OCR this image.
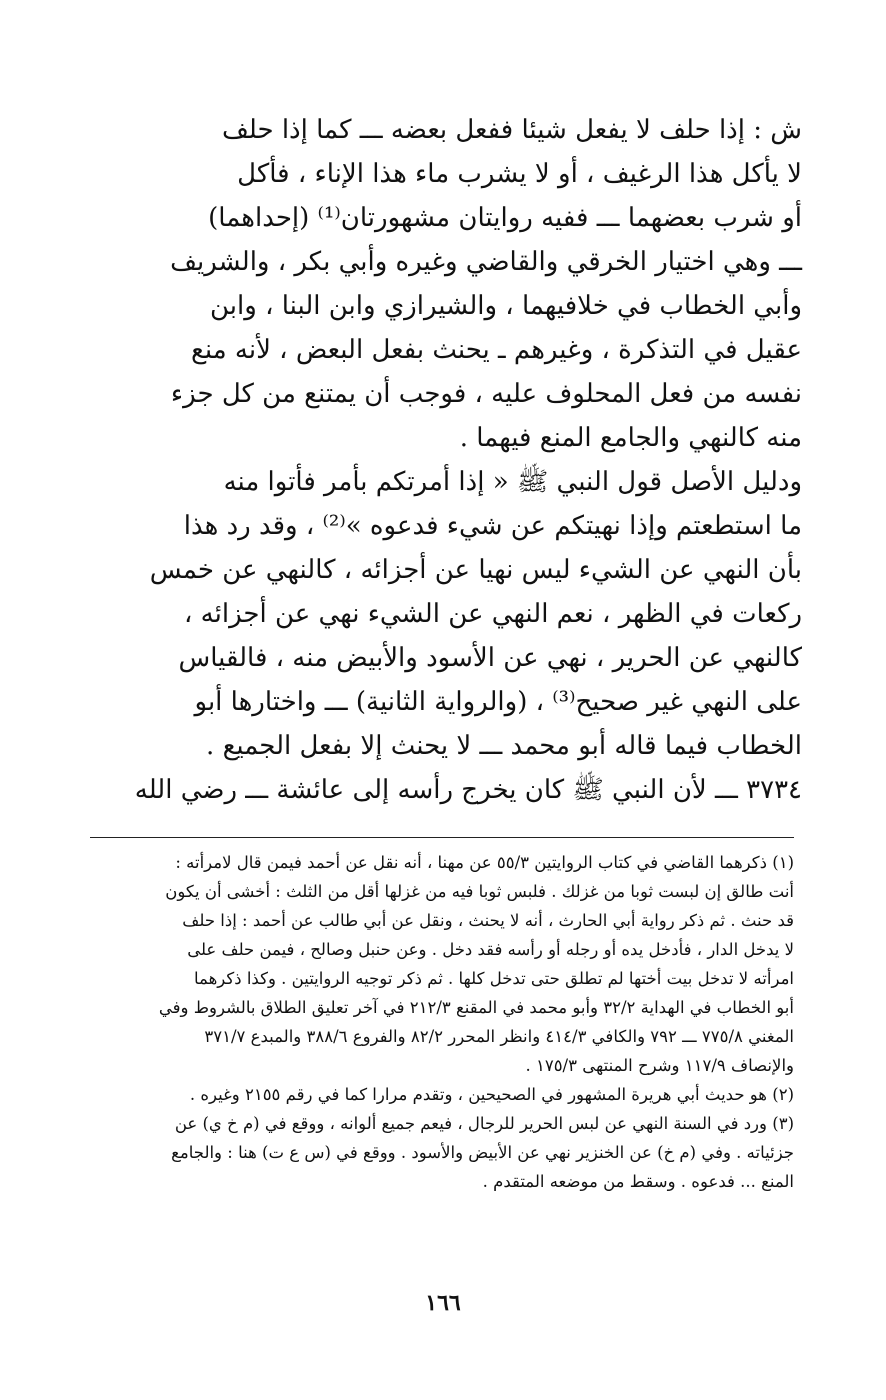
ش : إذا حلف لا يفعل شيئا ففعل بعضه ـــ كما إذا حلف
لا يأكل هذا الرغيف ، أو لا يشرب ماء هذا الإناء ، فأكل
أو شرب بعضهما ـــ ففيه روايتان مشهورتان⁽¹⁾ (إحداهما)
ـــ وهي اختيار الخرقي والقاضي وغيره وأبي بكر ، والشريف
وأبي الخطاب في خلافيهما ، والشيرازي وابن البنا ، وابن
عقيل في التذكرة ، وغيرهم ـ يحنث بفعل البعض ، لأنه منع
نفسه من فعل المحلوف عليه ، فوجب أن يمتنع من كل جزء
منه كالنهي والجامع المنع فيهما .
ودليل الأصل قول النبي ﷺ « إذا أمرتكم بأمر فأتوا منه
ما استطعتم وإذا نهيتكم عن شيء فدعوه »⁽²⁾ ، وقد رد هذا
بأن النهي عن الشيء ليس نهيا عن أجزائه ، كالنهي عن خمس
ركعات في الظهر ، نعم النهي عن الشيء نهي عن أجزائه ،
كالنهي عن الحرير ، نهي عن الأسود والأبيض منه ، فالقياس
على النهي غير صحيح⁽³⁾ ، (والرواية الثانية) ـــ واختارها أبو
الخطاب فيما قاله أبو محمد ـــ لا يحنث إلا بفعل الجميع .
٣٧٣٤ ـــ لأن النبي ﷺ كان يخرج رأسه إلى عائشة ـــ رضي الله
(١) ذكرهما القاضي في كتاب الروايتين ٥٥/٣ عن مهنا ، أنه نقل عن أحمد فيمن قال لامرأته :
أنت طالق إن لبست ثوبا من غزلك . فلبس ثوبا فيه من غزلها أقل من الثلث : أخشى أن يكون
قد حنث . ثم ذكر رواية أبي الحارث ، أنه لا يحنث ، ونقل عن أبي طالب عن أحمد : إذا حلف
لا يدخل الدار ، فأدخل يده أو رجله أو رأسه فقد دخل . وعن حنبل وصالح ، فيمن حلف على
امرأته لا تدخل بيت أختها لم تطلق حتى تدخل كلها . ثم ذكر توجيه الروايتين . وكذا ذكرهما
أبو الخطاب في الهداية ٣٢/٢ وأبو محمد في المقنع ٢١٢/٣ في آخر تعليق الطلاق بالشروط وفي
المغني ٧٧٥/٨ ـــ ٧٩٢ والكافي ٤١٤/٣ وانظر المحرر ٨٢/٢ والفروع ٣٨٨/٦ والمبدع ٣٧١/٧
والإنصاف ١١٧/٩ وشرح المنتهى ١٧٥/٣ .
(٢) هو حديث أبي هريرة المشهور في الصحيحين ، وتقدم مرارا كما في رقم ٢١٥٥ وغيره .
(٣) ورد في السنة النهي عن لبس الحرير للرجال ، فيعم جميع ألوانه ، ووقع في (م خ ي) عن
جزئياته . وفي (م خ) عن الخنزير نهي عن الأبيض والأسود . ووقع في (س ع ت) هنا : والجامع
المنع ... فدعوه . وسقط من موضعه المتقدم .
١٦٦
